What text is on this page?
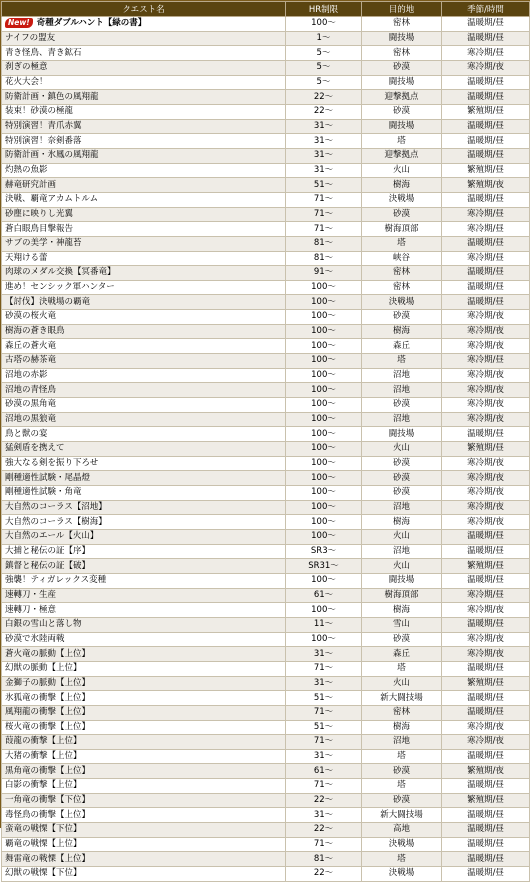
クエスト名	HR制限	目的地	季節/時間
New! 奇種ダブルハント【緑の書】	100～	密林	温暖期/昼
ナイフの盟友	1～	闘技場	温暖期/昼
青き怪鳥、青き鉱石	5～	密林	寒冷期/昼
刹ぎの極意	5～	砂漠	寒冷期/夜
花火大会！	5～	闘技場	温暖期/昼
防衛計画・鎮色の風翔龍	22～	迎撃拠点	温暖期/昼
装束！砂漠の極龍	22～	砂漠	繁殖期/昼
特別演習！青爪赤翼	31～	闘技場	温暖期/昼
特別演習！奈剣番落	31～	塔	温暖期/昼
防衛計画・氷鳳の風翔龍	31～	迎撃拠点	温暖期/昼
灼熱の魚影	31～	火山	繁殖期/昼
赫竜研究計画	51～	樹海	繁殖期/夜
決戦、覇竜アカムトルム	71～	決戦場	温暖期/昼
砂塵に映りし光翼	71～	砂漠	寒冷期/昼
蒼白眼鳥目撃報告	71～	樹海頂部	寒冷期/昼
サブの美学・神龍苔	81～	塔	温暖期/昼
天翔ける蕾	81～	峡谷	寒冷期/昼
肉球のメダル交換【冥番竜】	91～	密林	温暖期/昼
進め！センシック軍ハンター	100～	密林	温暖期/昼
【討伐】決戦場の覇竜	100～	決戦場	温暖期/昼
砂漠の桜火竜	100～	砂漠	寒冷期/夜
樹海の蒼き眼鳥	100～	樹海	寒冷期/夜
森丘の蒼火竜	100～	森丘	寒冷期/夜
古塔の赫茶竜	100～	塔	寒冷期/昼
沼地の赤影	100～	沼地	寒冷期/夜
沼地の青怪鳥	100～	沼地	寒冷期/夜
砂漠の黒角竜	100～	砂漠	寒冷期/夜
沼地の黒狼竜	100～	沼地	寒冷期/夜
鳥と獣の宴	100～	闘技場	温暖期/昼
猛剣盾を携えて	100～	火山	繁殖期/昼
強大なる剣を振り下ろせ	100～	砂漠	寒冷期/夜
剛種適性試験・尾晶燈	100～	砂漠	寒冷期/夜
剛種適性試験・角竜	100～	砂漠	寒冷期/夜
大自然のコーラス【沼地】	100～	沼地	寒冷期/夜
大自然のコーラス【樹海】	100～	樹海	寒冷期/夜
大自然のエール【火山】	100～	火山	温暖期/昼
大捕と秘伝の証【序】	SR3～	沼地	温暖期/昼
鎮督と秘伝の証【破】	SR31～	火山	繁殖期/昼
強襲！ティガレックス変種	100～	闘技場	温暖期/昼
速轉刀・生産	61～	樹海頂部	寒冷期/昼
速轉刀・極意	100～	樹海	寒冷期/夜
白銀の雪山と落し物	11～	雪山	温暖期/昼
砂漠で氷陸両戦	100～	砂漠	寒冷期/夜
蒼火竜の脈動【上位】	31～	森丘	寒冷期/夜
幻獣の脈動【上位】	71～	塔	温暖期/昼
金獅子の脈動【上位】	31～	火山	繁殖期/昼
氷狐竜の衝撃【上位】	51～	新大闘技場	温暖期/昼
風翔龍の衝撃【上位】	71～	密林	温暖期/昼
桜火竜の衝撃【上位】	51～	樹海	寒冷期/夜
葭龍の衝撃【上位】	71～	沼地	寒冷期/夜
大猪の衝撃【上位】	31～	塔	温暖期/昼
黒角竜の衝撃【上位】	61～	砂漠	繁殖期/夜
白影の衝撃【上位】	71～	塔	温暖期/昼
一角竜の衝撃【下位】	22～	砂漠	繁殖期/昼
毒怪鳥の衝撃【上位】	31～	新大闘技場	温暖期/昼
蛮竜の戦慄【下位】	22～	高地	温暖期/昼
覇竜の戦慄【上位】	71～	決戦場	温暖期/昼
舞雷竜の戦慄【上位】	81～	塔	温暖期/昼
幻獣の戦慄【下位】	22～	決戦場	温暖期/昼
